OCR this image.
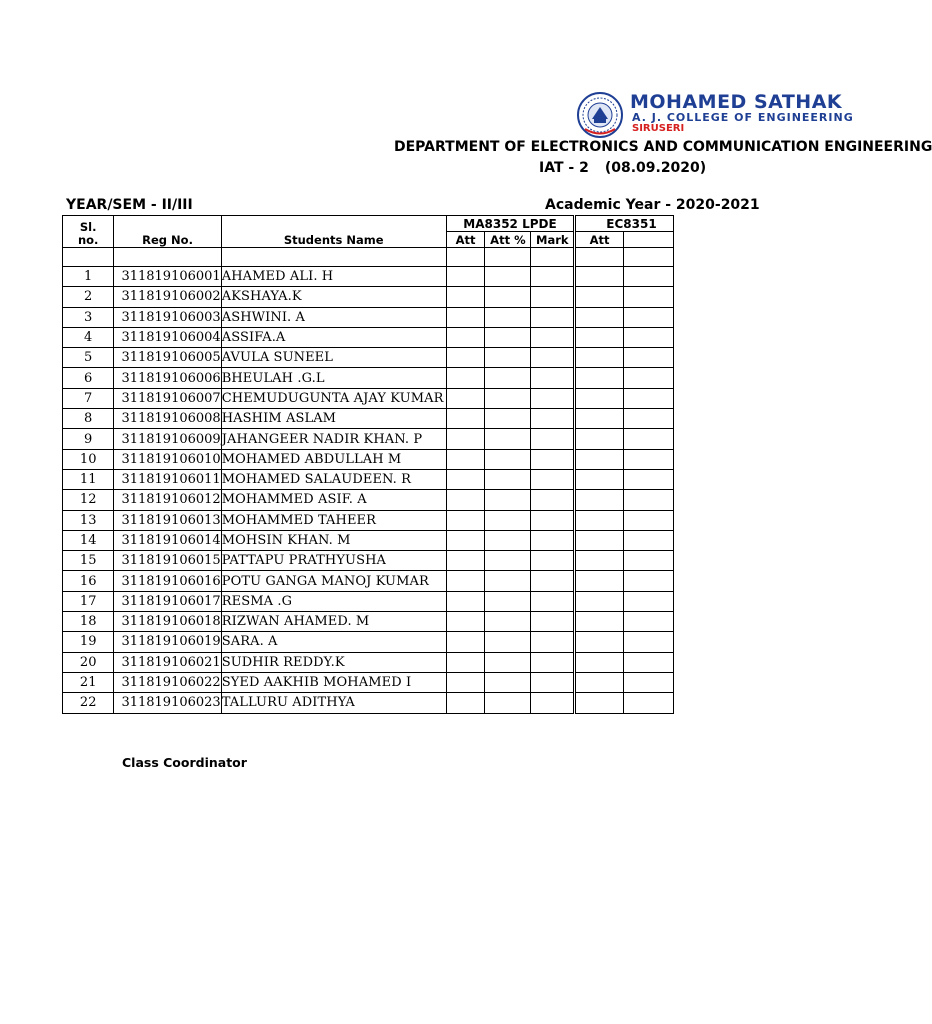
MOHAMED SATHAK
A. J. COLLEGE OF ENGINEERING
SIRUSERI
DEPARTMENT OF ELECTRONICS AND COMMUNICATION ENGINEERING
IAT - 2 (08.09.2020)
YEAR/SEM - II/III	Academic Year - 2020-2021
Sl. no.	Reg No.	Students Name	MA8352 LPDE			EC8351	
			Att	Att %	Mark	Att	

1	311819106001	AHAMED ALI. H					
2	311819106002	AKSHAYA.K					
3	311819106003	ASHWINI. A					
4	311819106004	ASSIFA.A					
5	311819106005	AVULA SUNEEL					
6	311819106006	BHEULAH .G.L					
7	311819106007	CHEMUDUGUNTA AJAY KUMAR					
8	311819106008	HASHIM ASLAM					
9	311819106009	JAHANGEER NADIR KHAN. P					
10	311819106010	MOHAMED ABDULLAH M					
11	311819106011	MOHAMED SALAUDEEN. R					
12	311819106012	MOHAMMED ASIF. A					
13	311819106013	MOHAMMED TAHEER					
14	311819106014	MOHSIN KHAN. M					
15	311819106015	PATTAPU PRATHYUSHA					
16	311819106016	POTU GANGA MANOJ KUMAR					
17	311819106017	RESMA .G					
18	311819106018	RIZWAN AHAMED. M					
19	311819106019	SARA. A					
20	311819106021	SUDHIR REDDY.K					
21	311819106022	SYED AAKHIB MOHAMED I					
22	311819106023	TALLURU ADITHYA					
Class Coordinator
